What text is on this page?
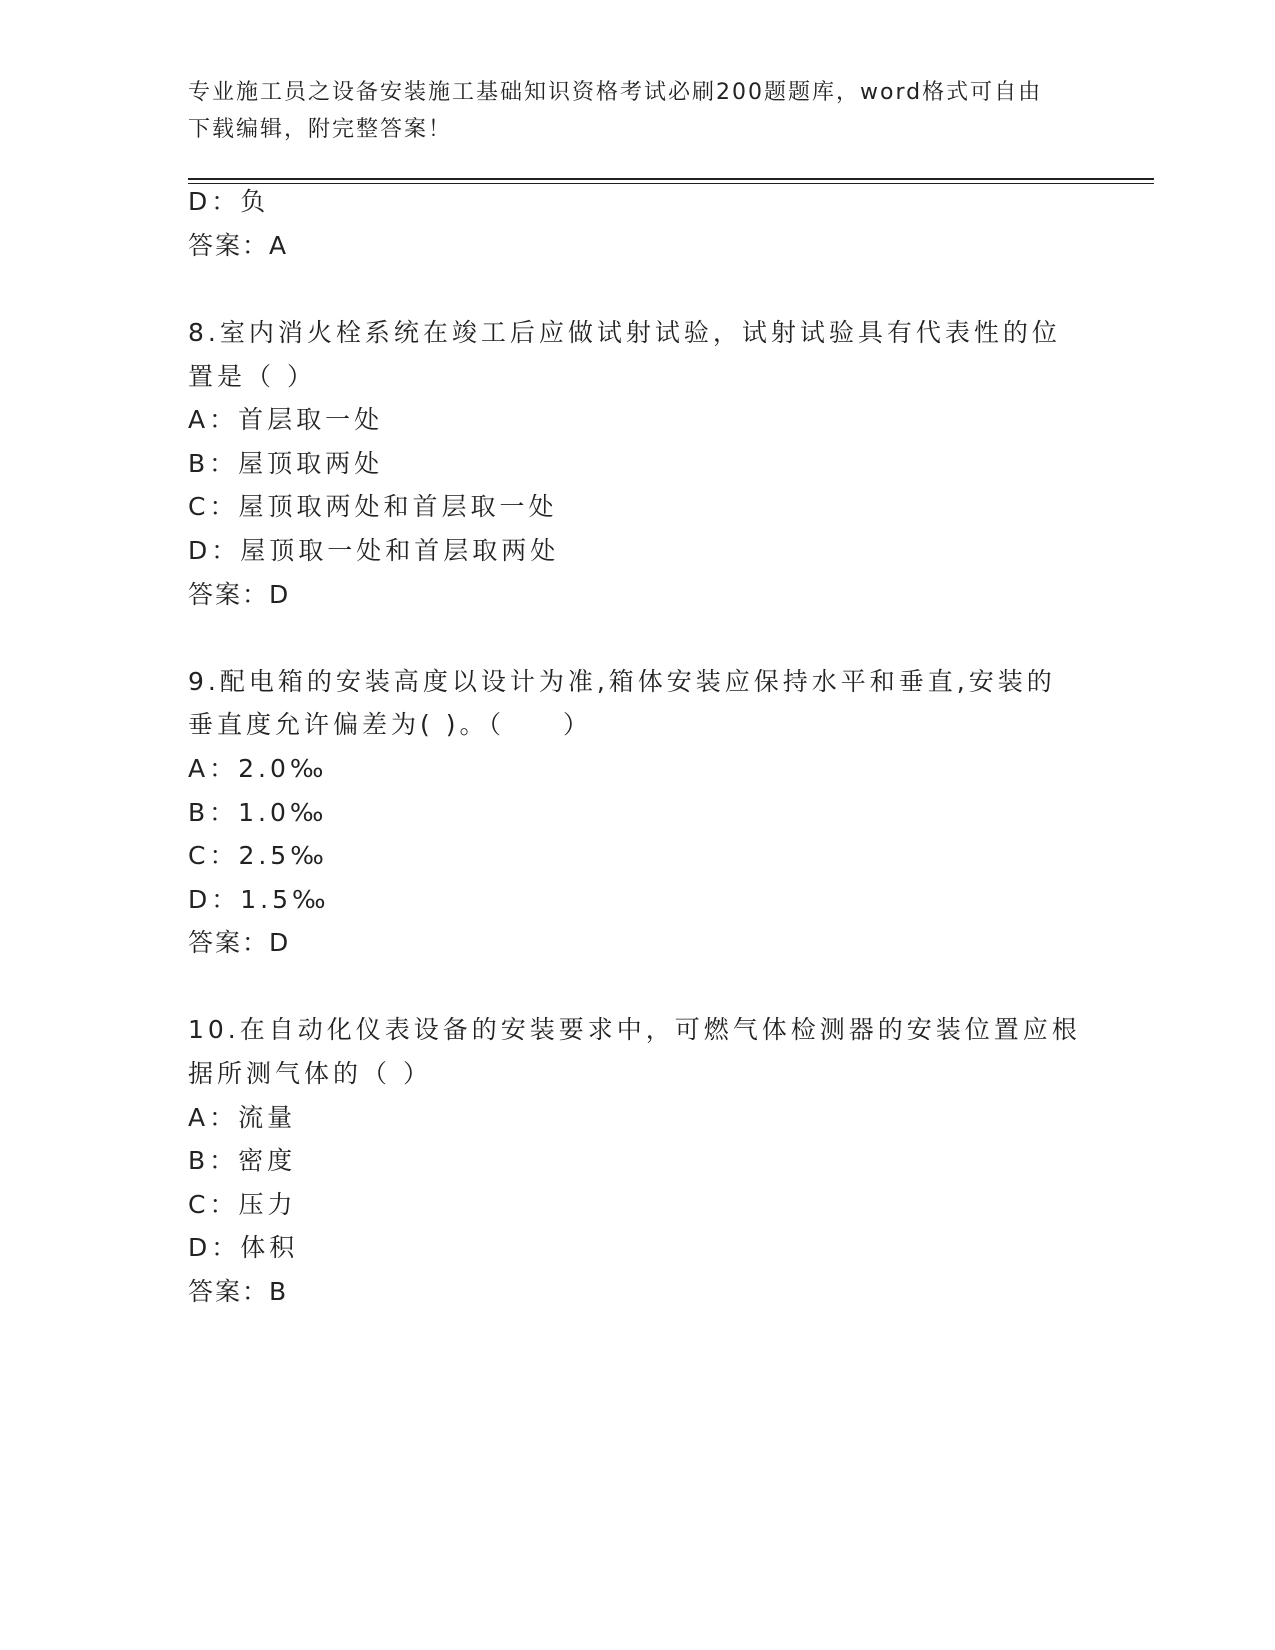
专业施工员之设备安装施工基础知识资格考试必刷200题题库，word格式可自由
下载编辑，附完整答案！
D：负
答案：A
8.室内消火栓系统在竣工后应做试射试验，试射试验具有代表性的位
置是（ ）
A：首层取一处
B：屋顶取两处
C：屋顶取两处和首层取一处
D：屋顶取一处和首层取两处
答案：D
9.配电箱的安装高度以设计为准,箱体安装应保持水平和垂直,安装的
垂直度允许偏差为( )。（　　）
A：2.0‰
B：1.0‰
C：2.5‰
D：1.5‰
答案：D
10.在自动化仪表设备的安装要求中，可燃气体检测器的安装位置应根
据所测气体的（ ）
A：流量
B：密度
C：压力
D：体积
答案：B
